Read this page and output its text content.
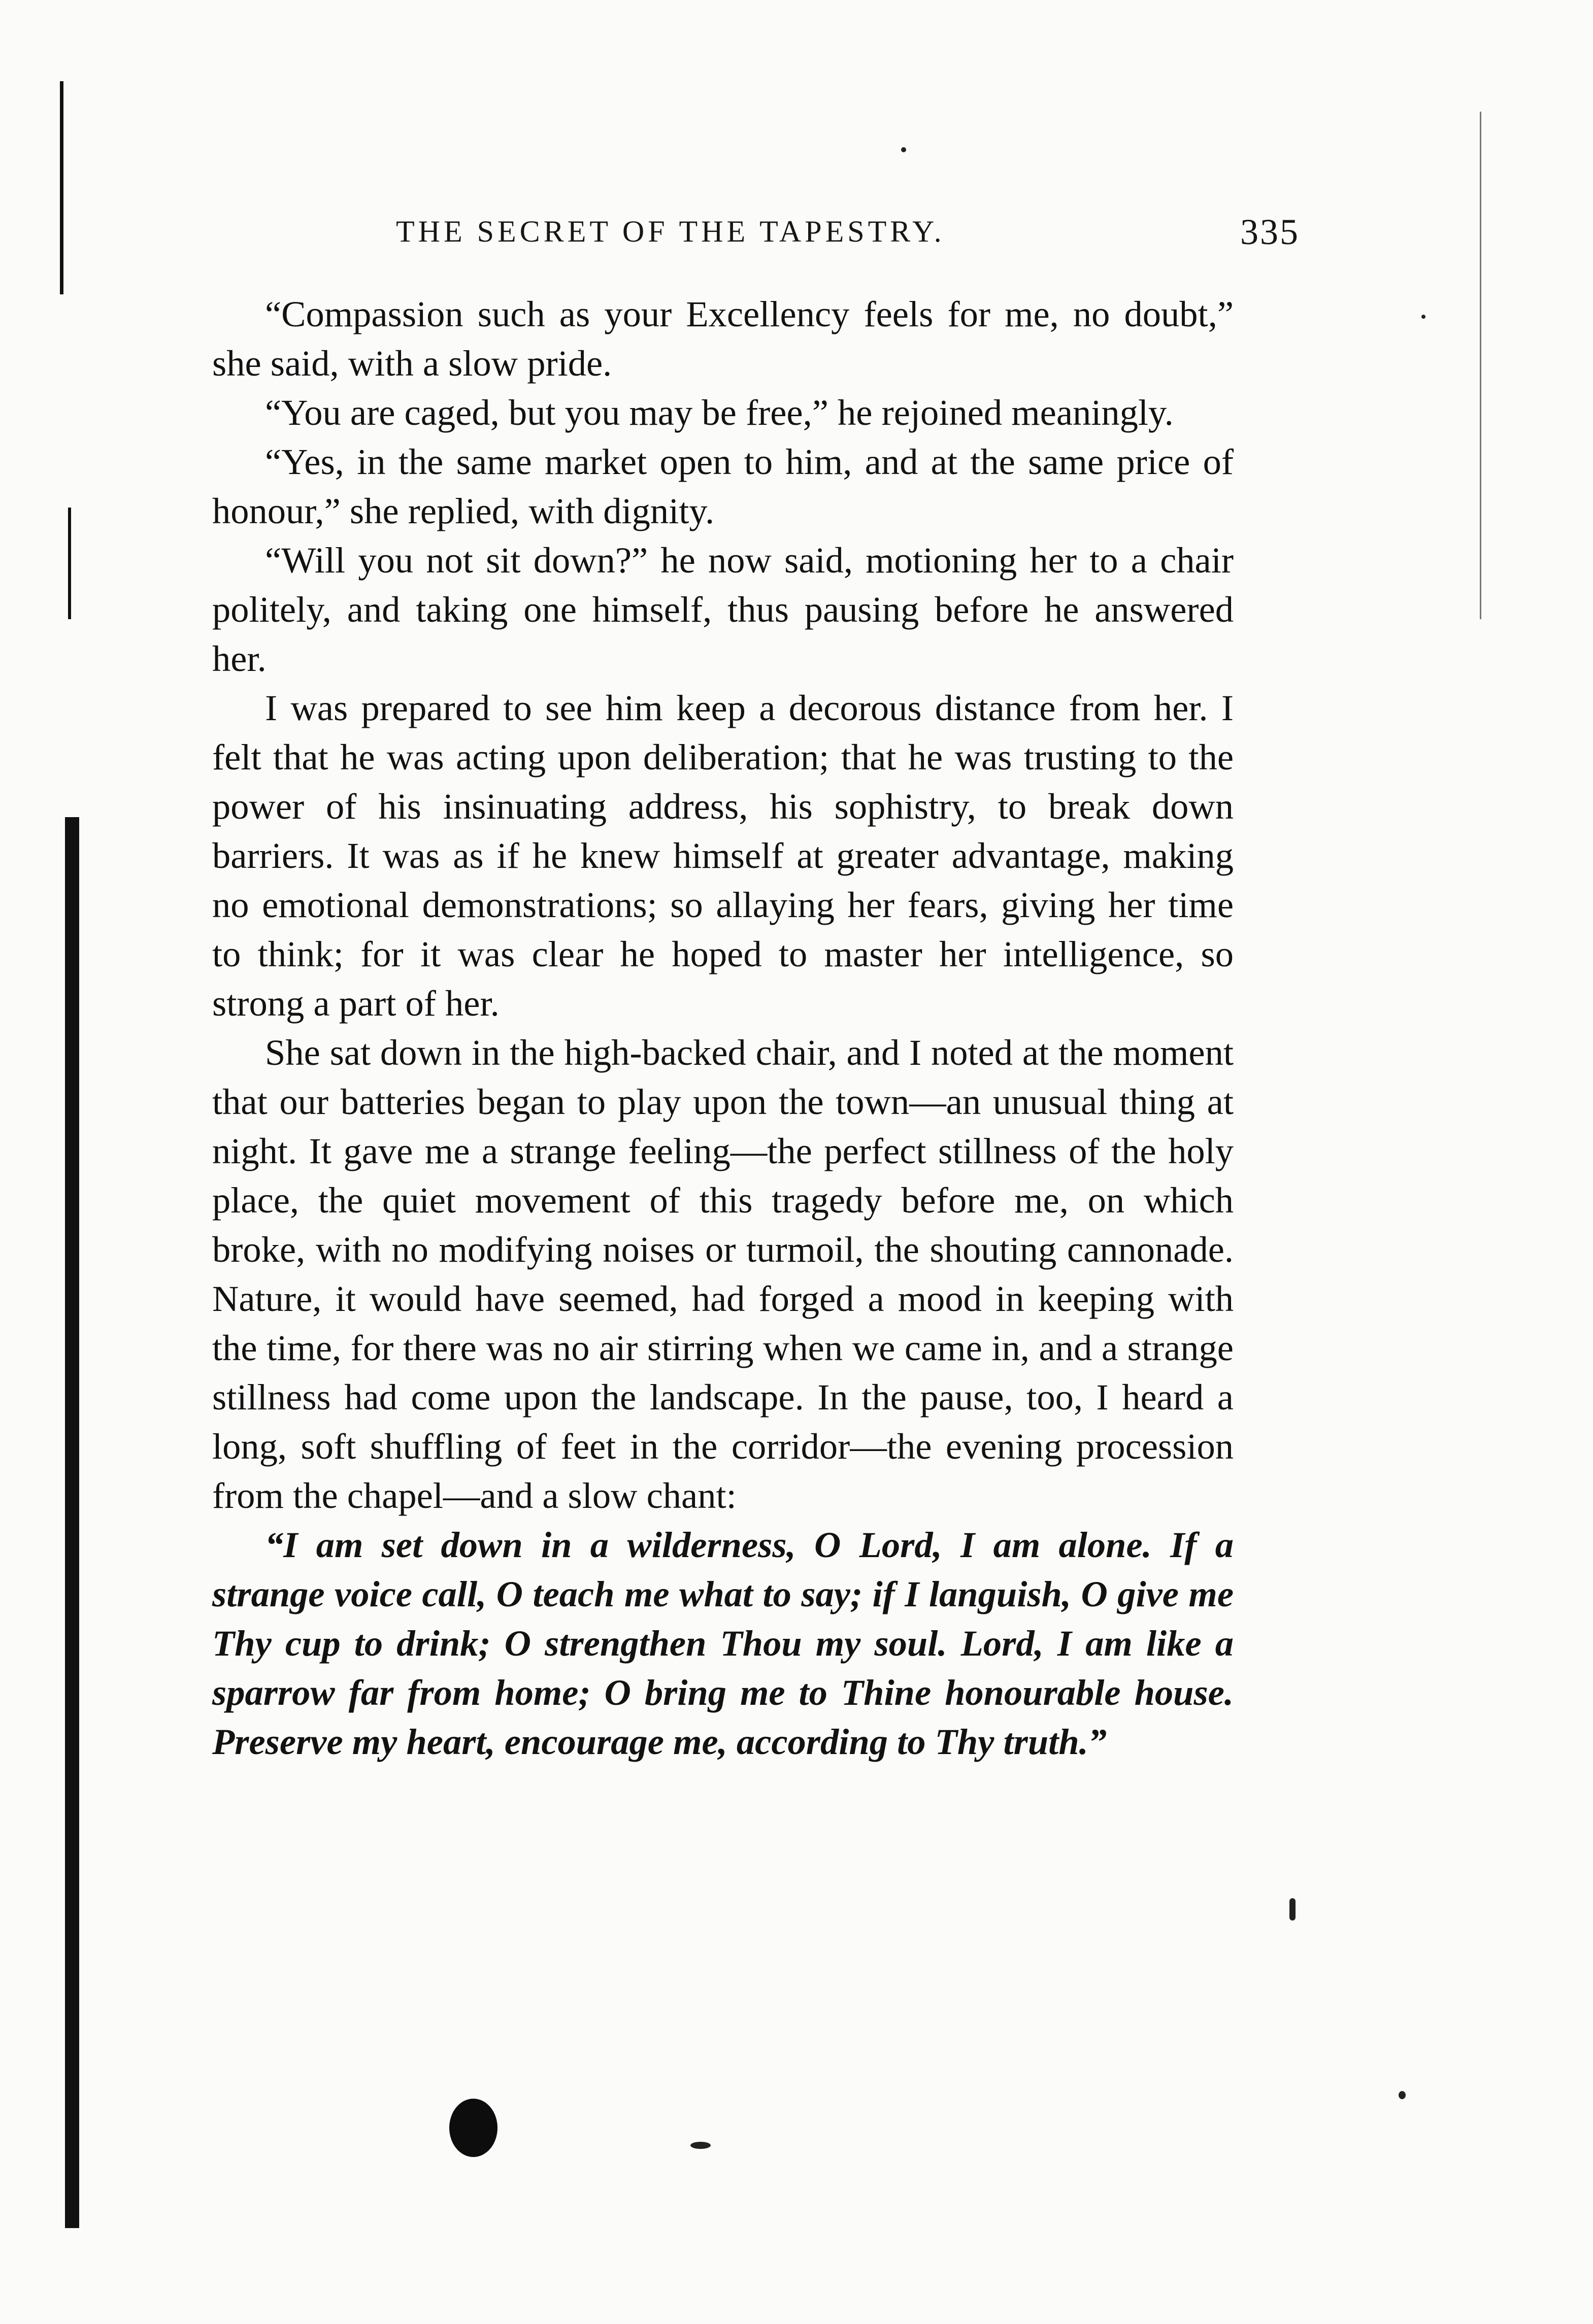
THE SECRET OF THE TAPESTRY.	335

“Compassion such as your Excellency feels for me, no doubt,” she said, with a slow pride.

“You are caged, but you may be free,” he rejoined meaningly.

“Yes, in the same market open to him, and at the same price of honour,” she replied, with dignity.

“Will you not sit down?” he now said, motioning her to a chair politely, and taking one himself, thus pausing before he answered her.

I was prepared to see him keep a decorous distance from her. I felt that he was acting upon deliberation; that he was trusting to the power of his insinuating address, his sophistry, to break down barriers. It was as if he knew himself at greater advantage, making no emotional demonstrations; so allaying her fears, giving her time to think; for it was clear he hoped to master her intelligence, so strong a part of her.

She sat down in the high-backed chair, and I noted at the moment that our batteries began to play upon the town—an unusual thing at night. It gave me a strange feeling—the perfect stillness of the holy place, the quiet movement of this tragedy before me, on which broke, with no modifying noises or turmoil, the shouting cannonade. Nature, it would have seemed, had forged a mood in keeping with the time, for there was no air stirring when we came in, and a strange stillness had come upon the landscape. In the pause, too, I heard a long, soft shuffling of feet in the corridor—the evening procession from the chapel—and a slow chant:

“I am set down in a wilderness, O Lord, I am alone. If a strange voice call, O teach me what to say; if I languish, O give me Thy cup to drink; O strengthen Thou my soul. Lord, I am like a sparrow far from home; O bring me to Thine honourable house. Preserve my heart, encourage me, according to Thy truth.”
